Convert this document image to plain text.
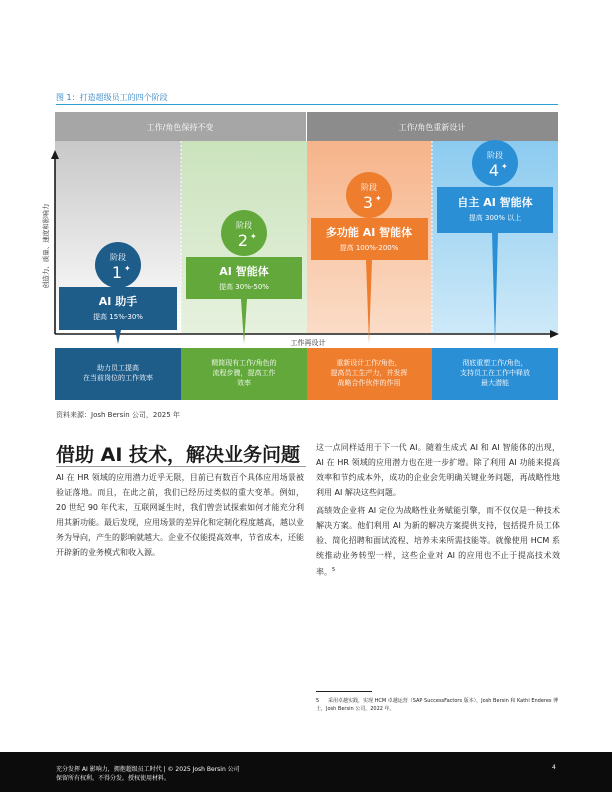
图 1：打造超级员工的四个阶段
工作/角色保持不变	工作/角色重新设计
创造力、质量、速度和影响力
工作再设计
AI 助手
提高 15%-30%
阶段
1 ✦	AI 智能体
提高 30%-50%
阶段
2 ✦	多功能 AI 智能体
提高 100%-200%
阶段
3 ✦	自主 AI 智能体
提高 300% 以上
阶段
4 ✦
助力员工提高
在当前岗位的工作效率
精简现有工作/角色的
流程步骤，提高工作
效率
重新设计工作/角色，
提高员工生产力，并发挥
战略合作伙伴的作用
彻底重塑工作/角色，
支持员工在工作中释放
最大潜能
资料来源：Josh Bersin 公司，2025 年
借助 AI 技术，解决业务问题

AI 在 HR 领域的应用潜力近乎无限，目前已有数百个具体应用场景被验证落地。而且，在此之前，我们已经历过类似的重大变革。例如，20 世纪 90 年代末，互联网诞生时，我们曾尝试探索如何才能充分利用其新功能。最后发现，应用场景的差异化和定制化程度越高，越以业务为导向，产生的影响就越大。企业不仅能提高效率，节省成本，还能开辟新的业务模式和收入源。

这一点同样适用于下一代 AI。随着生成式 AI 和 AI 智能体的出现，AI 在 HR 领域的应用潜力也在进一步扩增。除了利用 AI 功能来提高效率和节约成本外，成功的企业会先明确关键业务问题，再战略性地利用 AI 解决这些问题。

高绩效企业将 AI 定位为战略性业务赋能引擎，而不仅仅是一种技术解决方案。他们利用 AI 为新的解决方案提供支持，包括提升员工体验、简化招聘和面试流程、培养未来所需技能等。就像使用 HCM 系统推动业务转型一样，这些企业对 AI 的应用也不止于提高技术效率。$^5$

5 采用卓越实践，实现 HCM 卓越运营（SAP SuccessFactors 版本），Josh Bersin 和 Kathi Enderes 博士，Josh Bersin 公司，2022 年。
充分发挥 AI 影响力，拥抱超级员工时代 | © 2025 Josh Bersin 公司
保留所有权利。不得分发。授权使用材料。
4
